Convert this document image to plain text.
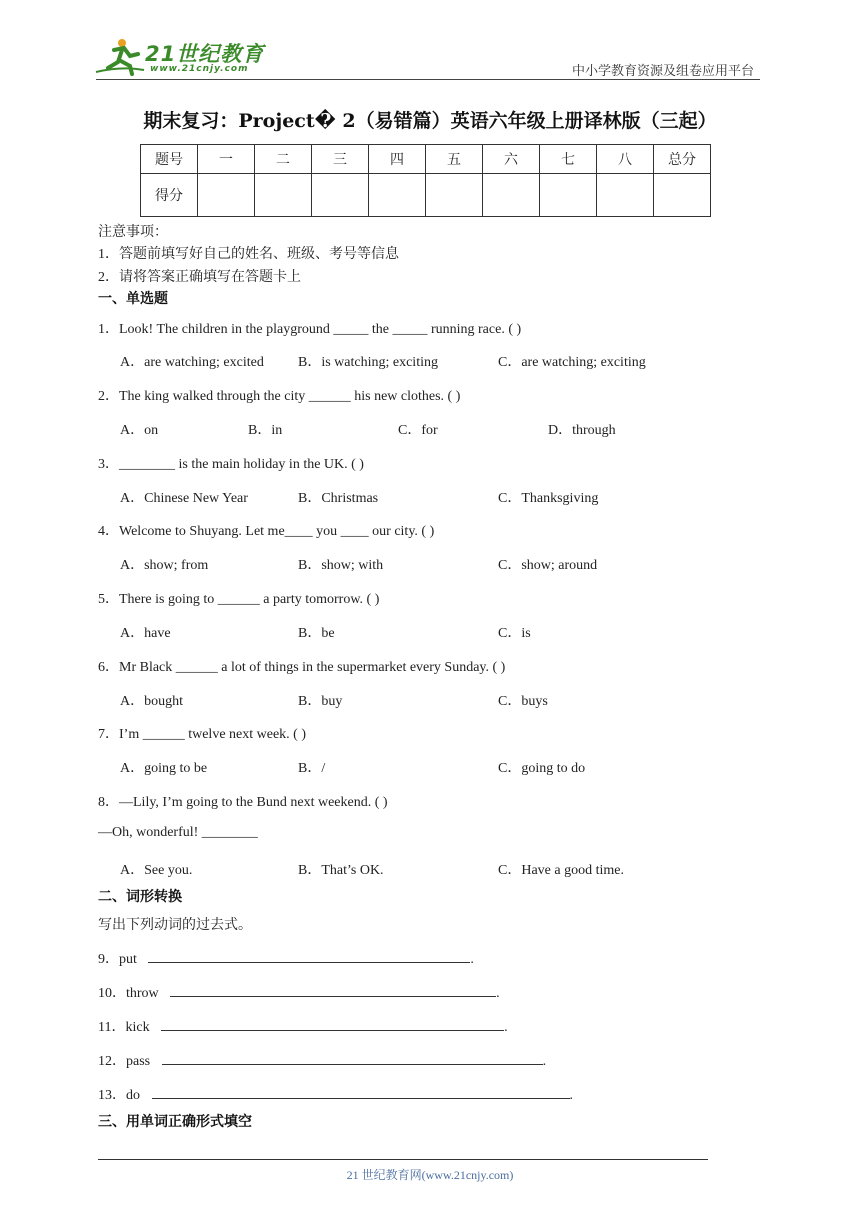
21世纪教育
www.21cnjy.com	中小学教育资源及组卷应用平台
期末复习：Project� 2（易错篇）英语六年级上册译林版（三起）
题号	一	二	三	四	五	六	七	八	总分
得分									
注意事项：
1．答题前填写好自己的姓名、班级、考号等信息
2．请将答案正确填写在答题卡上
一、单选题
1．Look! The children in the playground _____ the _____ running race. ( )
A．are watching; excited B．is watching; exciting	C．are watching; exciting
2．The king walked through the city ______ his new clothes. ( )
A．on	B．in	C．for	D．through
3．________ is the main holiday in the UK. ( )
A．Chinese New Year	B．Christmas	C．Thanksgiving
4．Welcome to Shuyang. Let me____ you ____ our city. ( )
A．show; from	B．show; with	C．show; around
5．There is going to ______ a party tomorrow. ( )
A．have	B．be	C．is
6．Mr Black ______ a lot of things in the supermarket every Sunday. ( )
A．bought	B．buy	C．buys
7．I’m ______ twelve next week. ( )
A．going to be	B．/	C．going to do
8．—Lily, I’m going to the Bund next weekend. ( )
—Oh, wonderful! ________
A．See you.	B．That’s OK.	C．Have a good time.
二、词形转换
写出下列动词的过去式。
9．put	.
10．throw	.
11．kick	.
12．pass	.
13．do	.
三、用单词正确形式填空
21 世纪教育网(www.21cnjy.com)
